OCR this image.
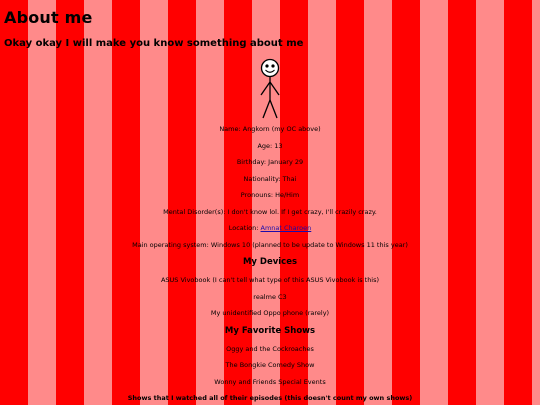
About me

Okay okay I will make you know something about me

Name: Angkorn (my OC above)
Age: 13
Birthday: January 29
Nationality: Thai
Pronouns: He/Him
Mental Disorder(s): I don't know lol. If I get crazy, I'll crazily crazy.
Location: Amnat Charoen
Main operating system: Windows 10 (planned to be update to Windows 11 this year)
My Devices
ASUS Vivobook (I can't tell what type of this ASUS Vivobook is this)
realme C3
My unidentified Oppo phone (rarely)
My Favorite Shows
Oggy and the Cockroaches
The Bongkie Comedy Show
Wonny and Friends Special Events
Shows that I watched all of their episodes (this doesn't count my own shows)
